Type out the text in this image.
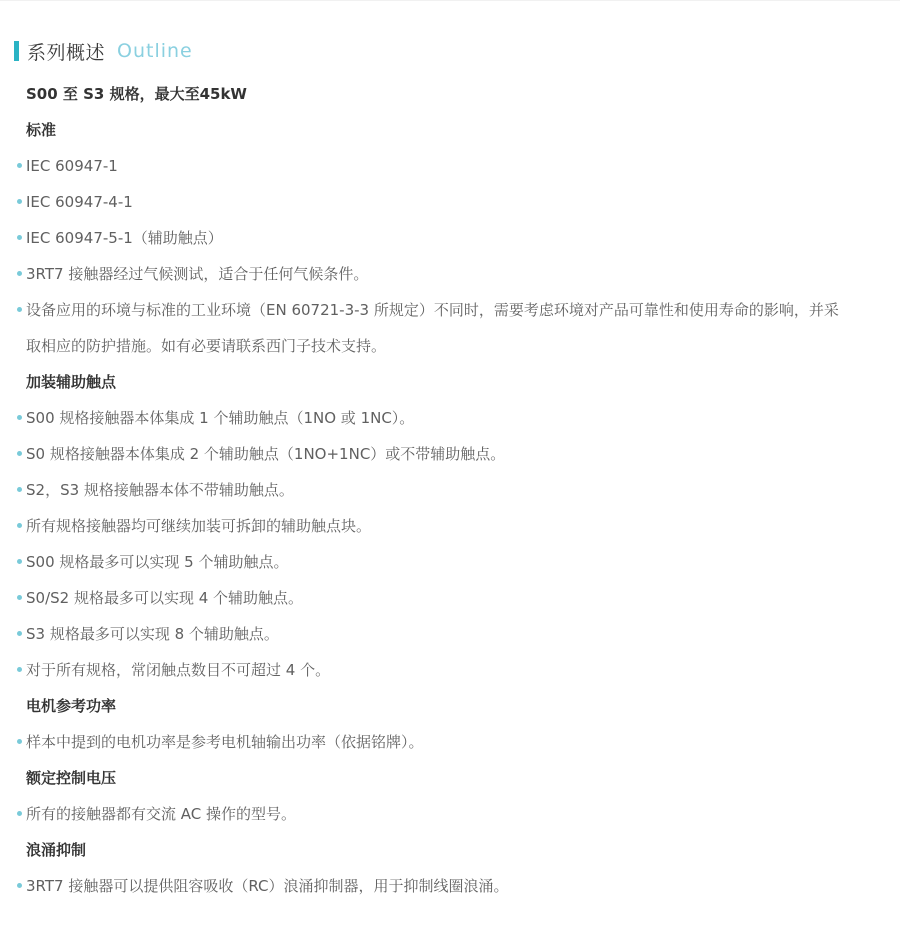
系列概述 Outline
S00 至 S3 规格，最大至45kW
标准
IEC 60947-1
IEC 60947-4-1
IEC 60947-5-1（辅助触点）
3RT7 接触器经过气候测试，适合于任何气候条件。
设备应用的环境与标准的工业环境（EN 60721-3-3 所规定）不同时，需要考虑环境对产品可靠性和使用寿命的影响，并采取相应的防护措施。如有必要请联系西门子技术支持。
加装辅助触点
S00 规格接触器本体集成 1 个辅助触点（1NO 或 1NC）。
S0 规格接触器本体集成 2 个辅助触点（1NO+1NC）或不带辅助触点。
S2，S3 规格接触器本体不带辅助触点。
所有规格接触器均可继续加装可拆卸的辅助触点块。
S00 规格最多可以实现 5 个辅助触点。
S0/S2 规格最多可以实现 4 个辅助触点。
S3 规格最多可以实现 8 个辅助触点。
对于所有规格，常闭触点数目不可超过 4 个。
电机参考功率
样本中提到的电机功率是参考电机轴输出功率（依据铭牌）。
额定控制电压
所有的接触器都有交流 AC 操作的型号。
浪涌抑制
3RT7 接触器可以提供阻容吸收（RC）浪涌抑制器，用于抑制线圈浪涌。
